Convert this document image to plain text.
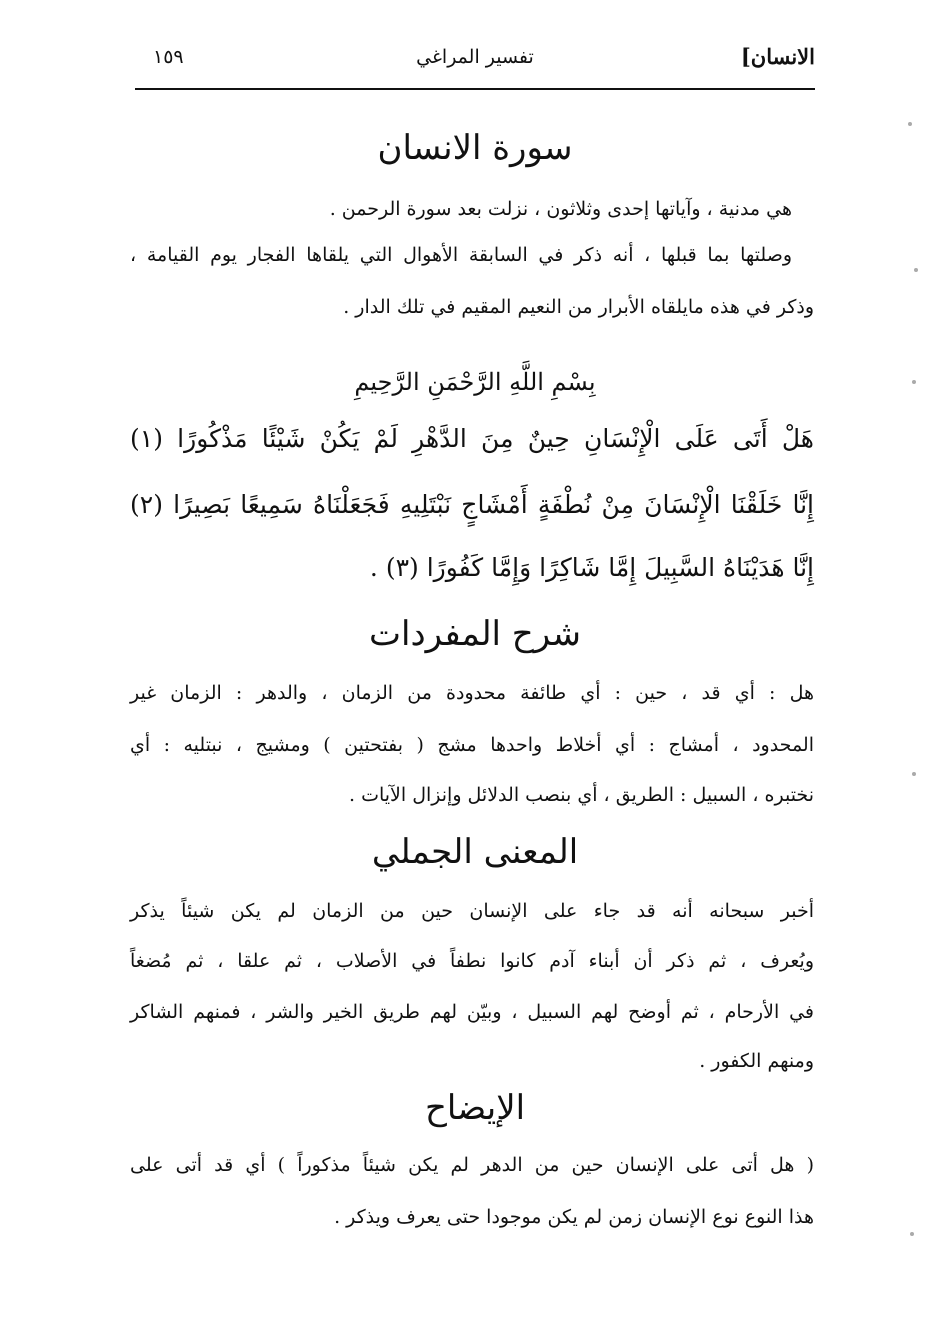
الانسان]
تفسير المراغي
١٥٩
سورة الانسان
هي مدنية ، وآياتها إحدى وثلاثون ، نزلت بعد سورة الرحمن .
وصلتها بما قبلها ، أنه ذكر في السابقة الأهوال التي يلقاها الفجار يوم القيامة ،
وذكر في هذه مايلقاه الأبرار من النعيم المقيم في تلك الدار .
بِسْمِ اللَّهِ الرَّحْمَنِ الرَّحِيمِ
هَلْ أَتَى عَلَى الْإِنْسَانِ حِينٌ مِنَ الدَّهْرِ لَمْ يَكُنْ شَيْئًا مَذْكُورًا (١)
إِنَّا خَلَقْنَا الْإِنْسَانَ مِنْ نُطْفَةٍ أَمْشَاجٍ نَبْتَلِيهِ فَجَعَلْنَاهُ سَمِيعًا بَصِيرًا (٢)
إِنَّا هَدَيْنَاهُ السَّبِيلَ إِمَّا شَاكِرًا وَإِمَّا كَفُورًا (٣) .
شرح المفردات
هل : أي قد ، حين : أي طائفة محدودة من الزمان ، والدهر : الزمان غير
المحدود ، أمشاج : أي أخلاط واحدها مشج ( بفتحتين ) ومشيج ، نبتليه : أي
نختبره ، السبيل : الطريق ، أي بنصب الدلائل وإنزال الآيات .
المعنى الجملي
أخبر سبحانه أنه قد جاء على الإنسان حين من الزمان لم يكن شيئاً يذكر
ويُعرف ، ثم ذكر أن أبناء آدم كانوا نطفاً في الأصلاب ، ثم علقا ، ثم مُضغاً
في الأرحام ، ثم أوضح لهم السبيل ، وبيّن لهم طريق الخير والشر ، فمنهم الشاكر
ومنهم الكفور .
الإيضاح
( هل أتى على الإنسان حين من الدهر لم يكن شيئاً مذكوراً ) أي قد أتى على
هذا النوع نوع الإنسان زمن لم يكن موجودا حتى يعرف ويذكر .
